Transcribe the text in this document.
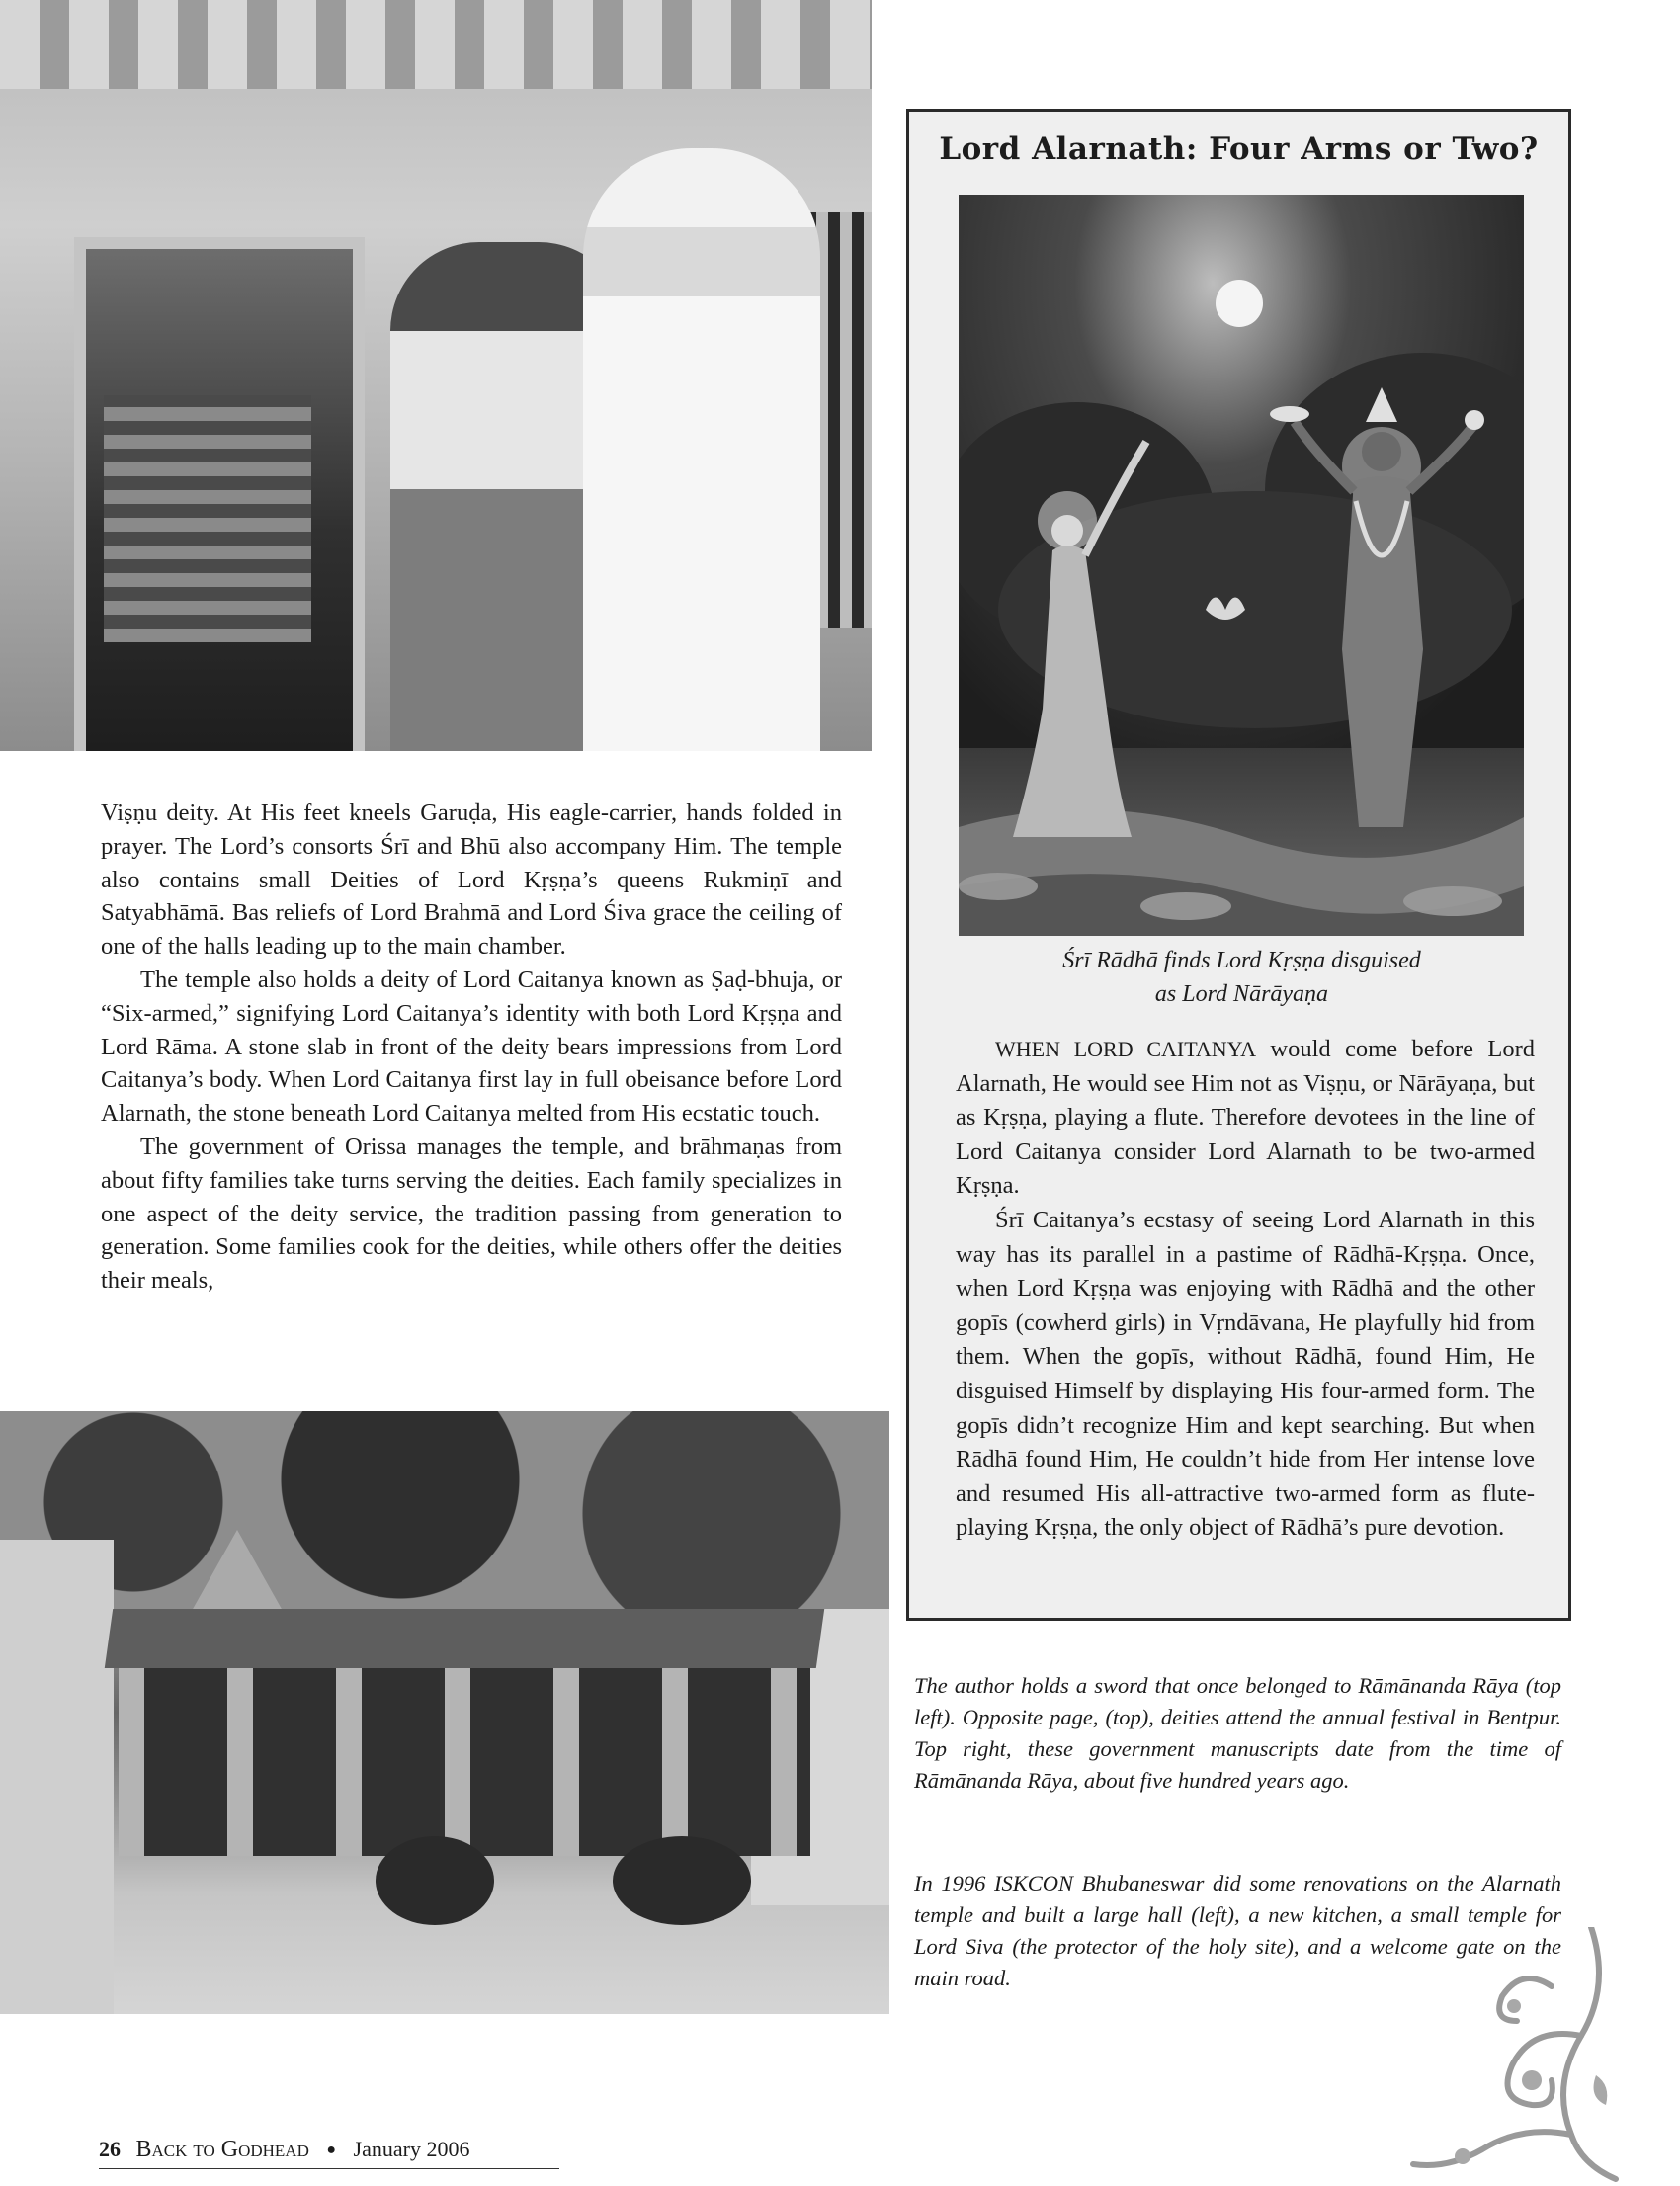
Viṣṇu deity. At His feet kneels Garuḍa, His eagle-carrier, hands folded in prayer. The Lord’s consorts Śrī and Bhū also accompany Him. The temple also contains small Deities of Lord Kṛṣṇa’s queens Rukmiṇī and Satyabhāmā. Bas reliefs of Lord Brahmā and Lord Śiva grace the ceiling of one of the halls leading up to the main chamber.

The temple also holds a deity of Lord Caitanya known as Ṣaḍ-bhuja, or “Six-armed,” signifying Lord Caitanya’s identity with both Lord Kṛṣṇa and Lord Rāma. A stone slab in front of the deity bears impressions from Lord Caitanya’s body. When Lord Caitanya first lay in full obeisance before Lord Alarnath, the stone beneath Lord Caitanya melted from His ecstatic touch.

The government of Orissa manages the temple, and brāhmaṇas from about fifty families take turns serving the deities. Each family specializes in one aspect of the deity service, the tradition passing from generation to generation. Some families cook for the deities, while others offer the deities their meals,

Lord Alarnath: Four Arms or Two?
Śrī Rādhā finds Lord Kṛṣṇa disguised
as Lord Nārāyaṇa

WHEN LORD CAITANYA would come before Lord Alarnath, He would see Him not as Viṣṇu, or Nārāyaṇa, but as Kṛṣṇa, playing a flute. Therefore devotees in the line of Lord Caitanya consider Lord Alarnath to be two-armed Kṛṣṇa.

Śrī Caitanya’s ecstasy of seeing Lord Alarnath in this way has its parallel in a pastime of Rādhā-Kṛṣṇa. Once, when Lord Kṛṣṇa was enjoying with Rādhā and the other gopīs (cowherd girls) in Vṛndāvana, He playfully hid from them. When the gopīs, without Rādhā, found Him, He disguised Himself by displaying His four-armed form. The gopīs didn’t recognize Him and kept searching. But when Rādhā found Him, He couldn’t hide from Her intense love and resumed His all-attractive two-armed form as flute-playing Kṛṣṇa, the only object of Rādhā’s pure devotion.

The author holds a sword that once belonged to Rāmānanda Rāya (top left). Opposite page, (top), deities attend the annual festival in Bentpur. Top right, these government manuscripts date from the time of Rāmānanda Rāya, about five hundred years ago.
In 1996 ISKCON Bhubaneswar did some renovations on the Alarnath temple and built a large hall (left), a new kitchen, a small temple for Lord Siva (the protector of the holy site), and a welcome gate on the main road.
26 Back to Godhead ● January 2006
